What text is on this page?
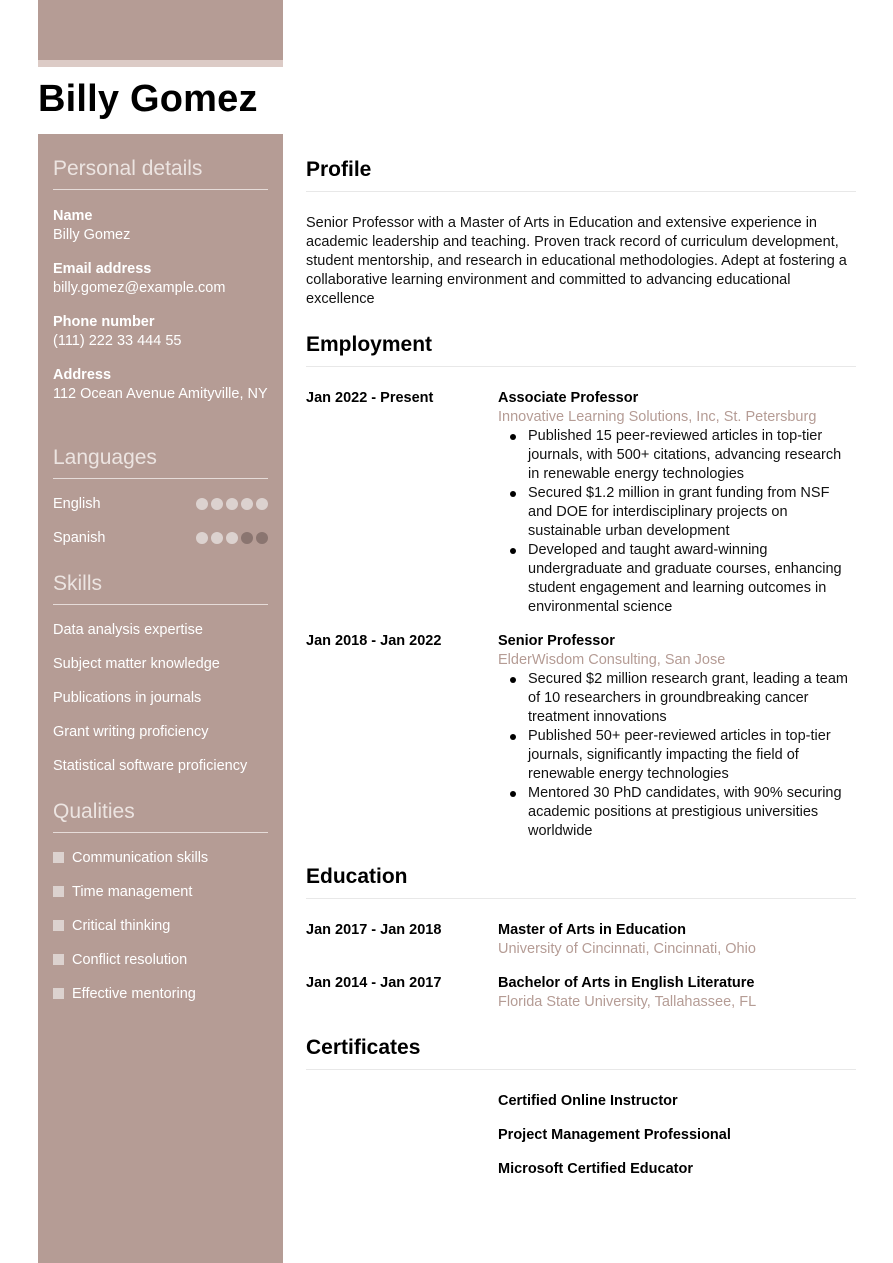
Billy Gomez
Personal details
Name
Billy Gomez
Email address
billy.gomez@example.com
Phone number
(111) 222 33 444 55
Address
112 Ocean Avenue Amityville, NY
Languages
English
Spanish
Skills
Data analysis expertise
Subject matter knowledge
Publications in journals
Grant writing proficiency
Statistical software proficiency
Qualities
Communication skills
Time management
Critical thinking
Conflict resolution
Effective mentoring
Profile

Senior Professor with a Master of Arts in Education and extensive experience in academic leadership and teaching. Proven track record of curriculum development, student mentorship, and research in educational methodologies. Adept at fostering a collaborative learning environment and committed to advancing educational excellence

Employment
Jan 2022 - Present	Associate Professor
Innovative Learning Solutions, Inc, St. Petersburg
Published 15 peer-reviewed articles in top-tier journals, with 500+ citations, advancing research in renewable energy technologies
Secured $1.2 million in grant funding from NSF and DOE for interdisciplinary projects on sustainable urban development
Developed and taught award-winning undergraduate and graduate courses, enhancing student engagement and learning outcomes in environmental science
Jan 2018 - Jan 2022	Senior Professor
ElderWisdom Consulting, San Jose
Secured $2 million research grant, leading a team of 10 researchers in groundbreaking cancer treatment innovations
Published 50+ peer-reviewed articles in top-tier journals, significantly impacting the field of renewable energy technologies
Mentored 30 PhD candidates, with 90% securing academic positions at prestigious universities worldwide
Education
Jan 2017 - Jan 2018	Master of Arts in Education
University of Cincinnati, Cincinnati, Ohio
Jan 2014 - Jan 2017	Bachelor of Arts in English Literature
Florida State University, Tallahassee, FL
Certificates
Certified Online Instructor
Project Management Professional
Microsoft Certified Educator
